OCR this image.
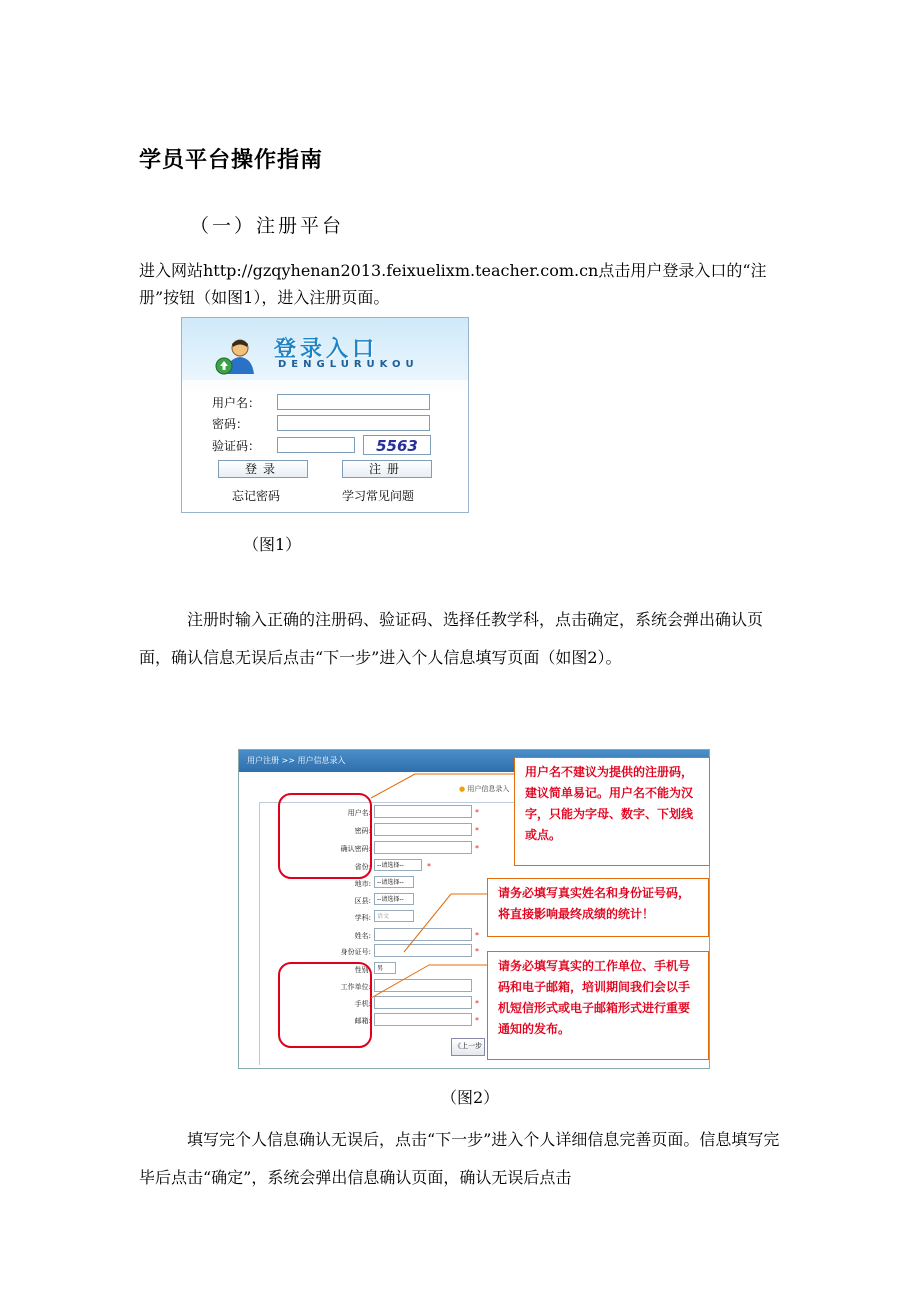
学员平台操作指南
（一）注册平台
进入网站http://gzqyhenan2013.feixuelixm.teacher.com.cn点击用户登录入口的“注册”按钮（如图1），进入注册页面。
登录入口
DENGLURUKOU
用户名：
密码：
验证码：	5563
登录	注册
忘记密码	学习常见问题
（图1）
注册时输入正确的注册码、验证码、选择任教学科，点击确定，系统会弹出确认页面，确认信息无误后点击“下一步”进入个人信息填写页面（如图2）。
用户注册 >> 用户信息录入
● 用户信息录入
用户名:	*
密码:	*
确认密码:	*
省份:	--请选择--	*
地市:	--请选择--
区县:	--请选择--
学科:	语文
姓名:	*
身份证号:	*
性别:	男
工作单位:
手机:	*
邮箱:	*
《上一步
用户名不建议为提供的注册码，建议简单易记。用户名不能为汉字，只能为字母、数字、下划线或点。
请务必填写真实姓名和身份证号码，将直接影响最终成绩的统计！
请务必填写真实的工作单位、手机号码和电子邮箱，培训期间我们会以手机短信形式或电子邮箱形式进行重要通知的发布。
（图2）
填写完个人信息确认无误后，点击“下一步”进入个人详细信息完善页面。信息填写完毕后点击“确定”，系统会弹出信息确认页面，确认无误后点击
